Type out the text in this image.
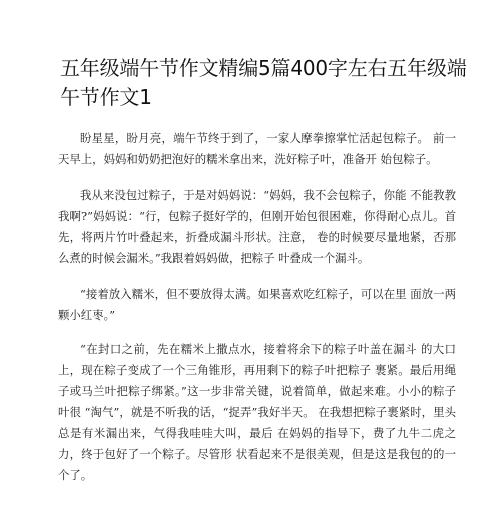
五年级端午节作文精编5篇400字左右五年级端午节作文1

盼星星，盼月亮，端午节终于到了，一家人摩拳擦掌忙活起包粽子。 前一天早上，妈妈和奶奶把泡好的糯米拿出来，洗好粽子叶，准备开 始包粽子。

我从来没包过粽子，于是对妈妈说：“妈妈，我不会包粽子，你能 不能教教我啊?”妈妈说：“行，包粽子挺好学的，但刚开始包很困难，你得耐心点儿。首先，将两片竹叶叠起来，折叠成漏斗形状。注意， 卷的时候要尽量地紧，否那么煮的时候会漏米。”我跟着妈妈做，把粽子 叶叠成一个漏斗。

“接着放入糯米，但不要放得太满。如果喜欢吃红粽子，可以在里 面放一两颗小红枣。”

“在封口之前，先在糯米上撒点水，接着将余下的粽子叶盖在漏斗 的大口上，现在粽子变成了一个三角锥形，再用剩下的粽子叶把粽子 裹紧。最后用绳子或马兰叶把粽子绑紧。”这一步非常关键，说着简单，做起来难。小小的粽子叶很 “淘气”，就是不听我的话，“捉弄”我好半天。 在我想把粽子裹紧时，里头总是有米漏出来，气得我哇哇大叫，最后 在妈妈的指导下，费了九牛二虎之力，终于包好了一个粽子。尽管形 状看起来不是很美观，但是这是我包的的一个了。
